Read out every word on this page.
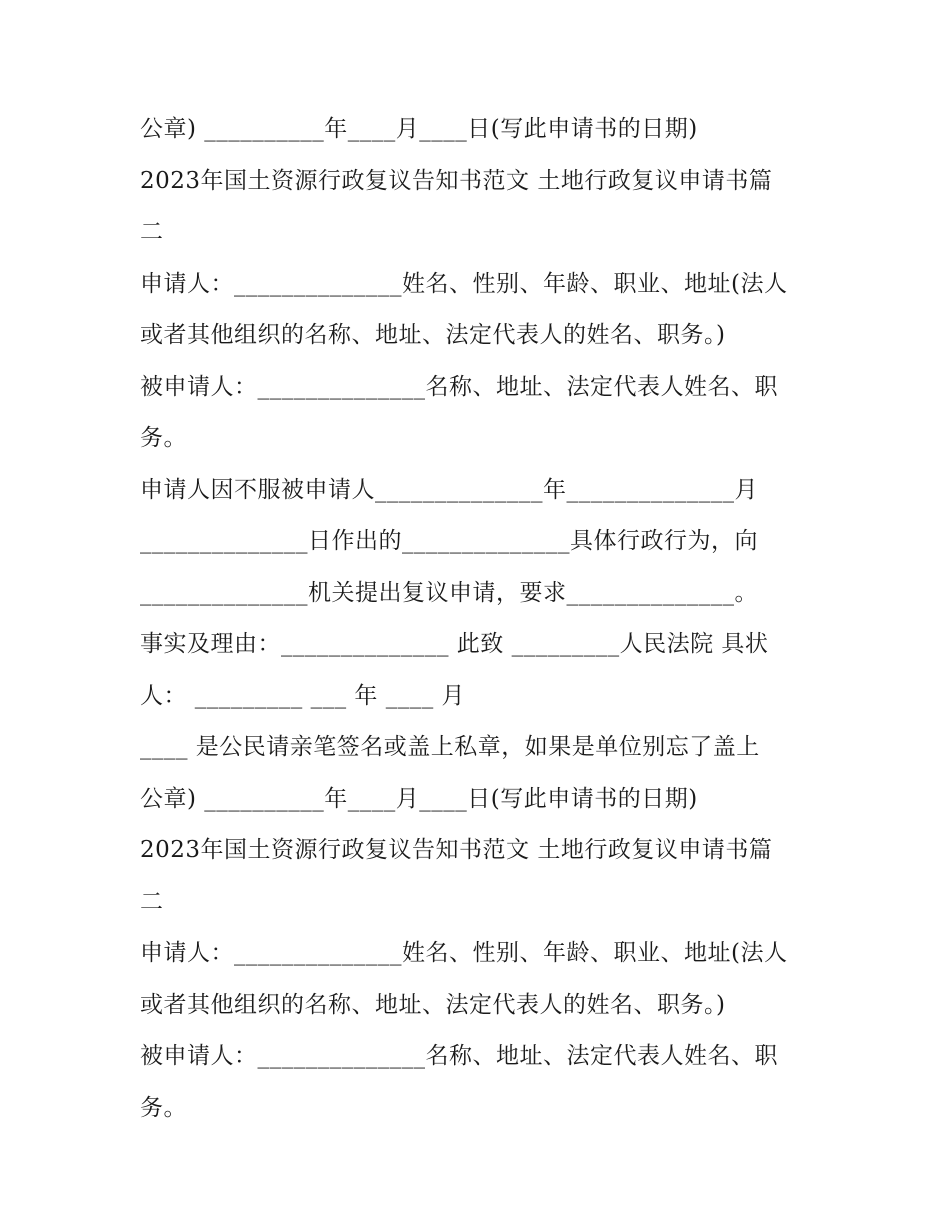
公章) __________年____月____日(写此申请书的日期)
2023年国土资源行政复议告知书范文 土地行政复议申请书篇
二
申请人：______________姓名、性别、年龄、职业、地址(法人
或者其他组织的名称、地址、法定代表人的姓名、职务。)
被申请人：______________名称、地址、法定代表人姓名、职
务。
申请人因不服被申请人______________年______________月
______________日作出的______________具体行政行为，向
______________机关提出复议申请，要求______________。
事实及理由：______________ 此致 _________人民法院 具状
人： _________ ___ 年 ____ 月
____ 是公民请亲笔签名或盖上私章，如果是单位别忘了盖上
公章) __________年____月____日(写此申请书的日期)
2023年国土资源行政复议告知书范文 土地行政复议申请书篇
二
申请人：______________姓名、性别、年龄、职业、地址(法人
或者其他组织的名称、地址、法定代表人的姓名、职务。)
被申请人：______________名称、地址、法定代表人姓名、职
务。
